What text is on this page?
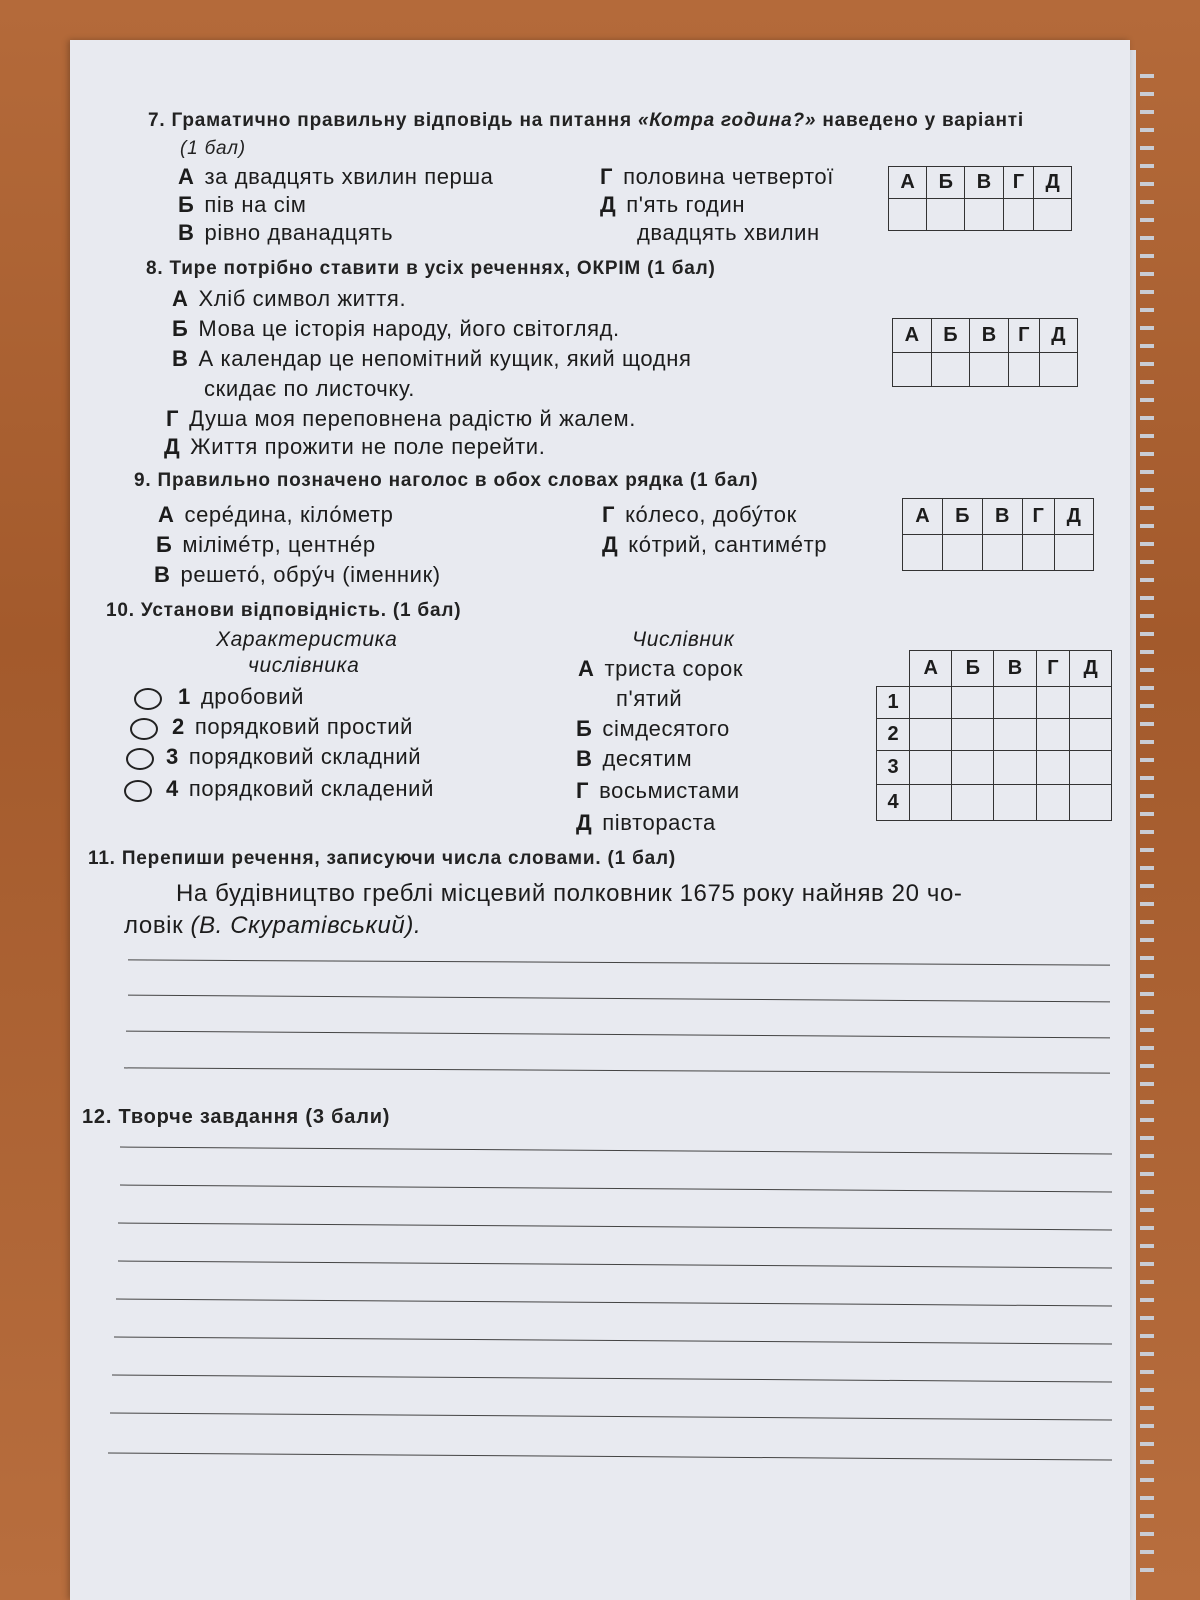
7. Граматично правильну відповідь на питання «Котра година?» наведено у варіанті
(1 бал)
А за двадцять хвилин перша
Б пів на сім
В рівно дванадцять
Г половина четвертої
Д п'ять годин
двадцять хвилин
А	Б	В	Г	Д

8. Тире потрібно ставити в усіх реченнях, ОКРІМ (1 бал)
А Хліб символ життя.
Б Мова це історія народу, його світогляд.
В А календар це непомітний кущик, який щодня
скидає по листочку.
Г Душа моя переповнена радістю й жалем.
Д Життя прожити не поле перейти.
А	Б	В	Г	Д

9. Правильно позначено наголос в обох словах рядка (1 бал)
А сере́дина, кіло́метр
Б мілімéтр, центнéр
В решето́, обру́ч (іменник)
Г ко́лесо, добу́ток
Д ко́трий, сантимéтр
А	Б	В	Г	Д

10. Установи відповідність. (1 бал)
Характеристика
числівника
Числівник
1 дробовий
2 порядковий простий
3 порядковий складний
4 порядковий складений
А триста сорок
п'ятий
Б сімдесятого
В десятим
Г восьмистами
Д півтораста
	А	Б	В	Г	Д
1					
2					
3					
4					
11. Перепиши речення, записуючи числа словами. (1 бал)
На будівництво греблі місцевий полковник 1675 року найняв 20 чо-
ловік (В. Скуратівський).
12. Творче завдання (3 бали)
